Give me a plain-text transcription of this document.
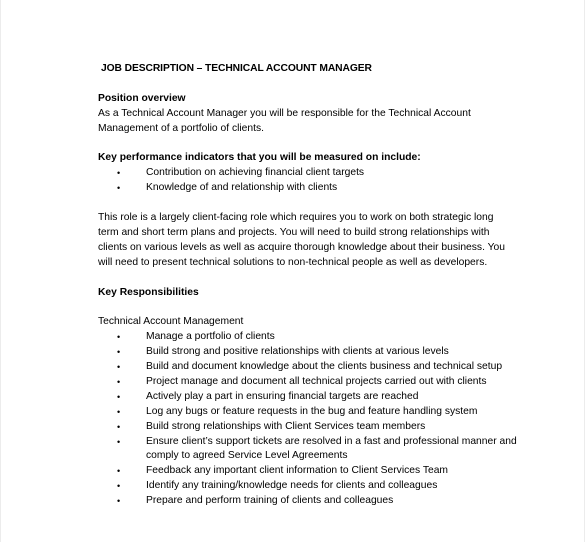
JOB DESCRIPTION – TECHNICAL ACCOUNT MANAGER

Position overview

As a Technical Account Manager you will be responsible for the Technical Account
Management of a portfolio of clients.

Key performance indicators that you will be measured on include:

•	Contribution on achieving financial client targets
•	Knowledge of and relationship with clients
This role is a largely client-facing role which requires you to work on both strategic long
term and short term plans and projects. You will need to build strong relationships with
clients on various levels as well as acquire thorough knowledge about their business. You
will need to present technical solutions to non-technical people as well as developers.

Key Responsibilities

Technical Account Management

•	Manage a portfolio of clients
•	Build strong and positive relationships with clients at various levels
•	Build and document knowledge about the clients business and technical setup
•	Project manage and document all technical projects carried out with clients
•	Actively play a part in ensuring financial targets are reached
•	Log any bugs or feature requests in the bug and feature handling system
•	Build strong relationships with Client Services team members
•	Ensure client’s support tickets are resolved in a fast and professional manner and
comply to agreed Service Level Agreements
•	Feedback any important client information to Client Services Team
•	Identify any training/knowledge needs for clients and colleagues
•	Prepare and perform training of clients and colleagues
